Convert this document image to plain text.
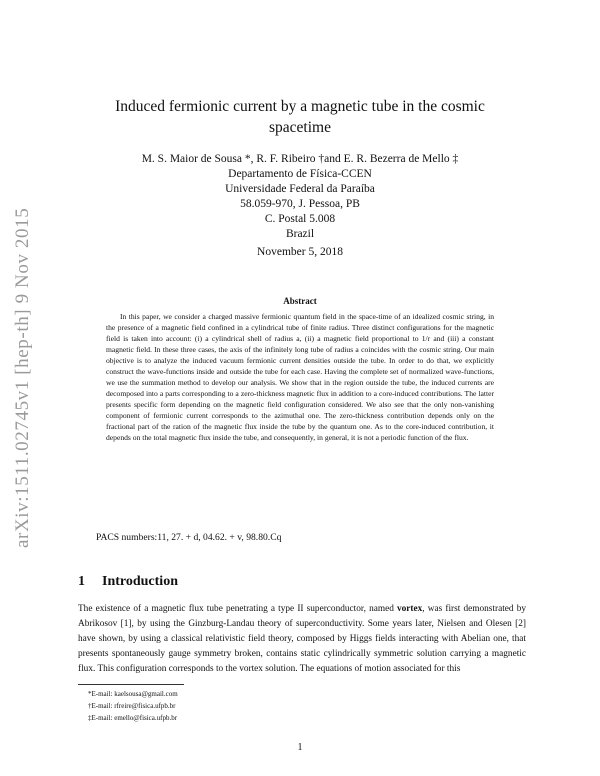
arXiv:1511.02745v1 [hep-th] 9 Nov 2015
Induced fermionic current by a magnetic tube in the cosmic
spacetime
M. S. Maior de Sousa *, R. F. Ribeiro †and E. R. Bezerra de Mello ‡
Departamento de Física-CCEN
Universidade Federal da Paraíba
58.059-970, J. Pessoa, PB
C. Postal 5.008
Brazil
November 5, 2018
Abstract
In this paper, we consider a charged massive fermionic quantum field in the space-time of an idealized cosmic string, in the presence of a magnetic field confined in a cylindrical tube of finite radius. Three distinct configurations for the magnetic field is taken into account: (i) a cylindrical shell of radius a, (ii) a magnetic field proportional to 1/r and (iii) a constant magnetic field. In these three cases, the axis of the infinitely long tube of radius a coincides with the cosmic string. Our main objective is to analyze the induced vacuum fermionic current densities outside the tube. In order to do that, we explicitly construct the wave-functions inside and outside the tube for each case. Having the complete set of normalized wave-functions, we use the summation method to develop our analysis. We show that in the region outside the tube, the induced currents are decomposed into a parts corresponding to a zero-thickness magnetic flux in addition to a core-induced contributions. The latter presents specific form depending on the magnetic field configuration considered. We also see that the only non-vanishing component of fermionic current corresponds to the azimuthal one. The zero-thickness contribution depends only on the fractional part of the ration of the magnetic flux inside the tube by the quantum one. As to the core-induced contribution, it depends on the total magnetic flux inside the tube, and consequently, in general, it is not a periodic function of the flux.
PACS numbers:11, 27. + d, 04.62. + v, 98.80.Cq
1 Introduction
The existence of a magnetic flux tube penetrating a type II superconductor, named vortex, was first demonstrated by Abrikosov [1], by using the Ginzburg-Landau theory of superconductivity. Some years later, Nielsen and Olesen [2] have shown, by using a classical relativistic field theory, composed by Higgs fields interacting with Abelian one, that presents spontaneously gauge symmetry broken, contains static cylindrically symmetric solution carrying a magnetic flux. This configuration corresponds to the vortex solution. The equations of motion associated for this
*E-mail: kaelsousa@gmail.com
†E-mail: rfreire@fisica.ufpb.br
‡E-mail: emello@fisica.ufpb.br
1
